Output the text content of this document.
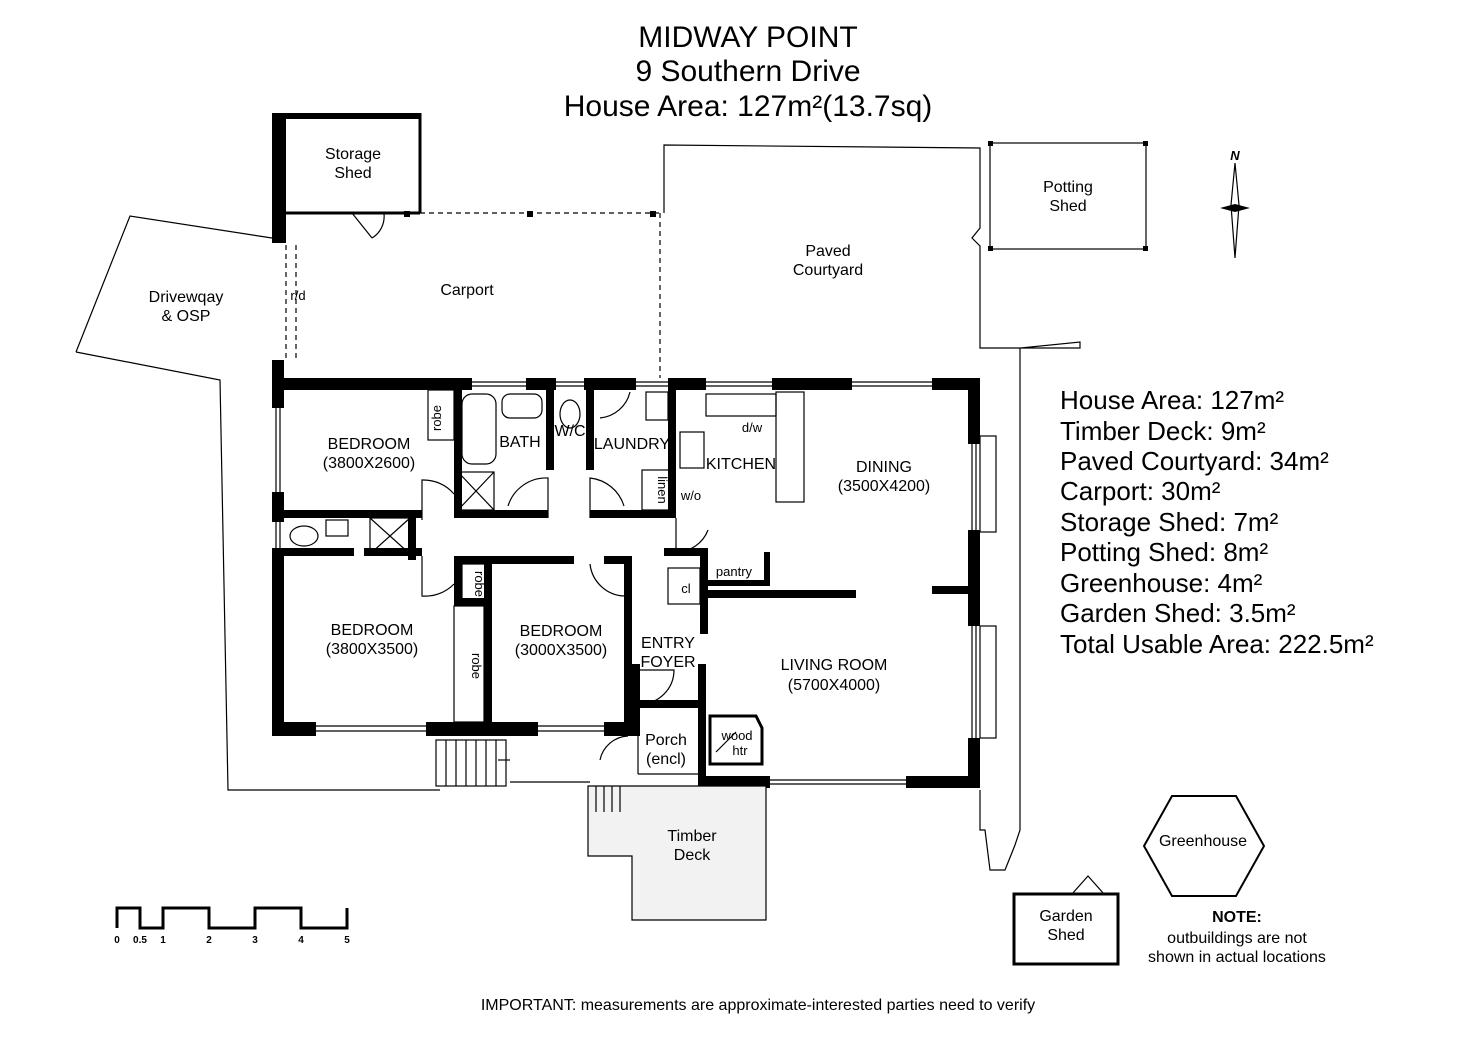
MIDWAY POINT
9 Southern Drive
House Area: 127m²(13.7sq)
N
Storage
Shed
Potting
Shed
Paved
Courtyard
Carport
r/d
Drivewqay
& OSP
BEDROOM
(3800X2600)
BEDROOM
(3800X3500)
BEDROOM
(3000X3500)
BATH
W/C
LAUNDRY
KITCHEN
d/w
w/o
linen
robe
robe
robe
DINING
(3500X4200)
pantry
cl
ENTRY
FOYER	LIVING ROOM
(5700X4000)
Porch
(encl)
wood
htr
Timber
Deck
Greenhouse
Garden
Shed
House Area: 127m²
Timber Deck: 9m²
Paved Courtyard: 34m²
Carport: 30m²
Storage Shed: 7m²
Potting Shed: 8m²
Greenhouse: 4m²
Garden Shed: 3.5m²
Total Usable Area: 222.5m²
NOTE:
outbuildings are not
shown in actual locations
0 0.5 1	2	3	4	5
IMPORTANT: measurements are approximate-interested parties need to verify
